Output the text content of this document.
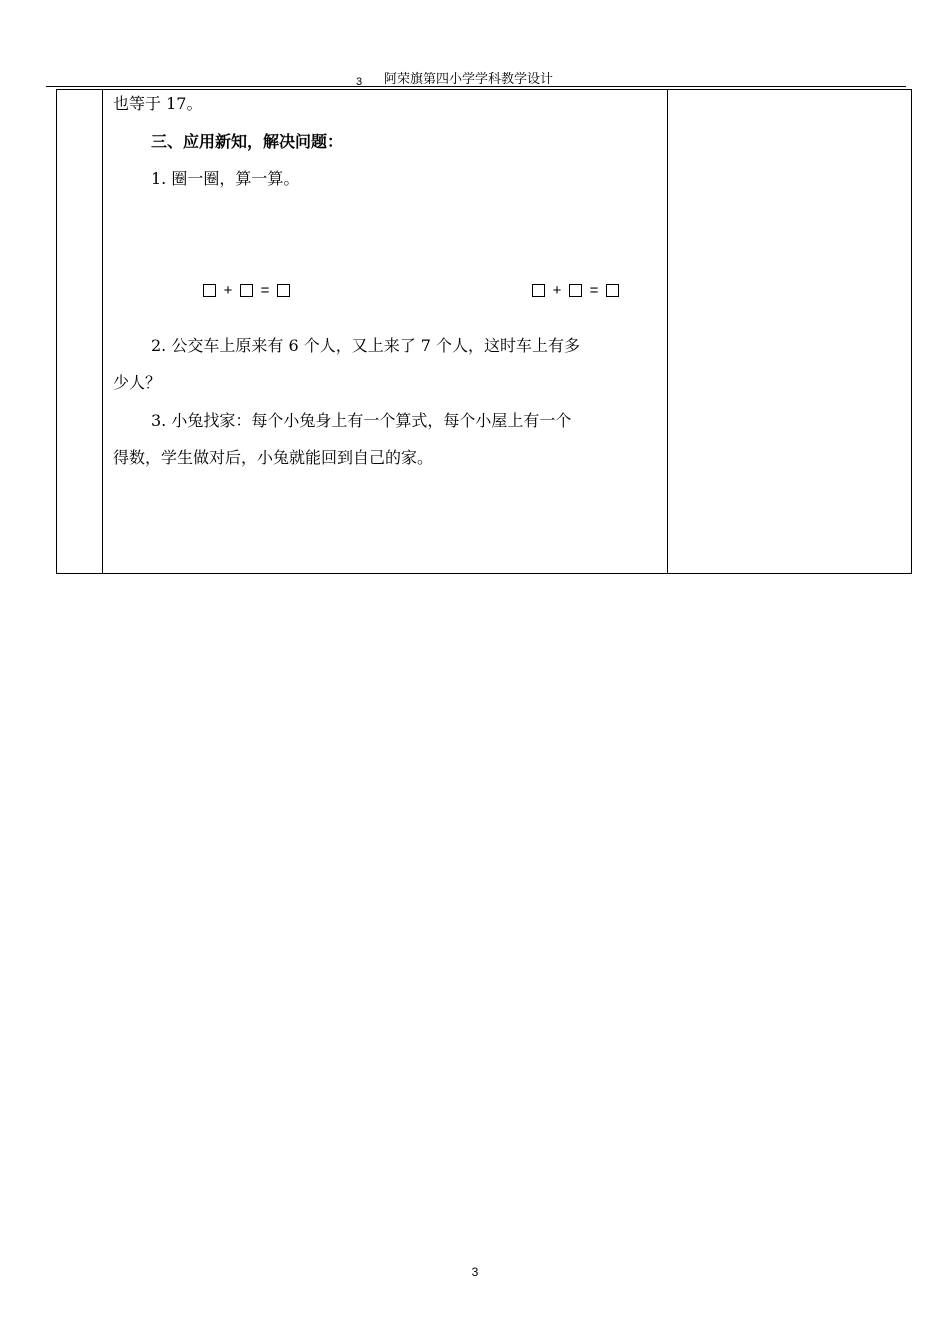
3 阿荣旗第四小学学科教学设计
也等于 17。
三、应用新知，解决问题：
1. 圈一圈，算一算。
+	=	+	=
2. 公交车上原来有 6 个人，又上来了 7 个人，这时车上有多
少人？
3. 小兔找家：每个小兔身上有一个算式，每个小屋上有一个
得数，学生做对后，小兔就能回到自己的家。
3
